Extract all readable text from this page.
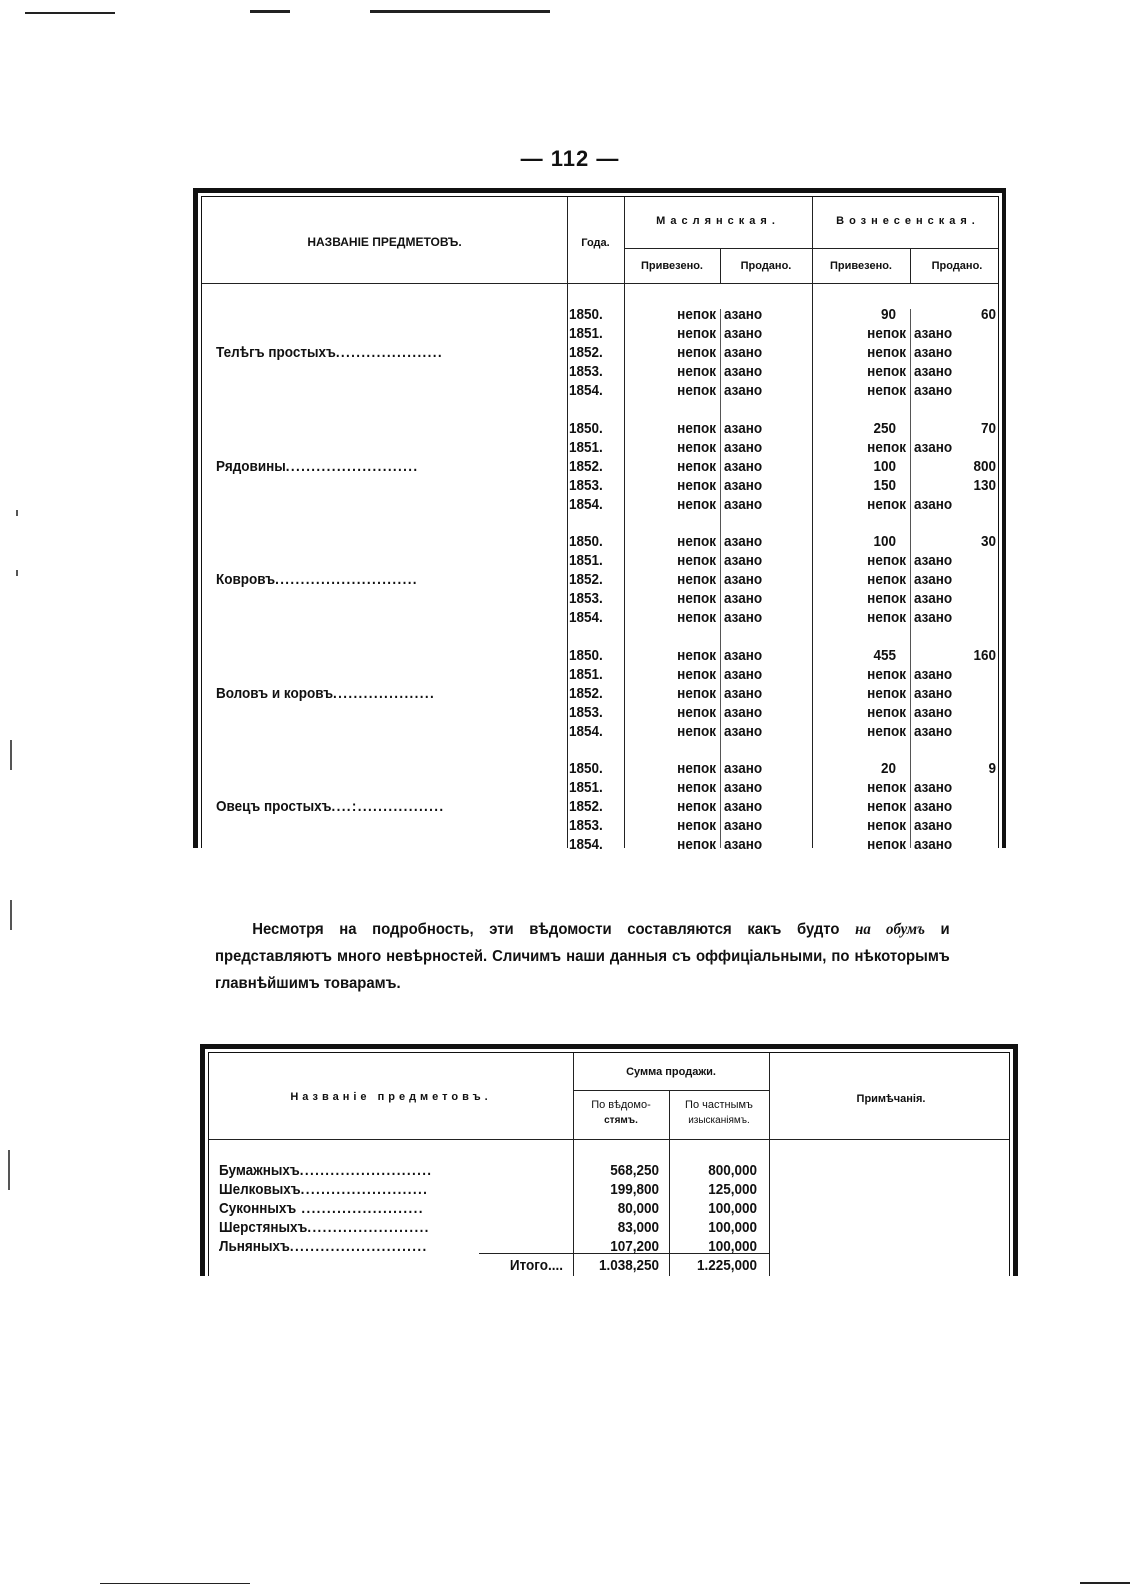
— 112 —
НАЗВАНІЕ ПРЕДМЕТОВЪ.	Года.
Маслянская.	Вознесенская.
Привезено.	Продано.	Привезено.	Продано.
Телѣгъ простыхъ.....................
1850.	непок азано	90	60
1851.	непок азано	непок азано
1852.	непок азано	непок азано
1853.	непок азано	непок азано
1854.	непок азано	непок азано
Рядовины..........................
1850.	непок азано	250	70
1851.	непок азано	непок азано
1852.	непок азано	100	800
1853.	непок азано	150	130
1854.	непок азано	непок азано
Ковровъ............................
1850.	непок азано	100	30
1851.	непок азано	непок азано
1852.	непок азано	непок азано
1853.	непок азано	непок азано
1854.	непок азано	непок азано
Воловъ и коровъ....................
1850.	непок азано	455	160
1851.	непок азано	непок азано
1852.	непок азано	непок азано
1853.	непок азано	непок азано
1854.	непок азано	непок азано
Овецъ простыхъ....:.................
1850.	непок азано	20	9
1851.	непок азано	непок азано
1852.	непок азано	непок азано
1853.	непок азано	непок азано
1854.	непок азано	непок азано
Несмотря на подробность, эти вѣдомости составляются какъ будто на обумъ и представляютъ много невѣрностей. Сличимъ наши данныя съ оффиціальными, по нѣкоторымъ главнѣйшимъ товарамъ.
Названіе предметовъ.
Сумма продажи.
По вѣдомо-
стямъ.
По частнымъ
изысканіямъ.
Примѣчанія.
Бумажныхъ..........................	568,250	800,000
Шелковыхъ.........................	199,800	125,000
Суконныхъ ........................	80,000	100,000
Шерстяныхъ........................	83,000	100,000
Льняныхъ...........................	107,200	100,000
Итого....	1.038,250	1.225,000
